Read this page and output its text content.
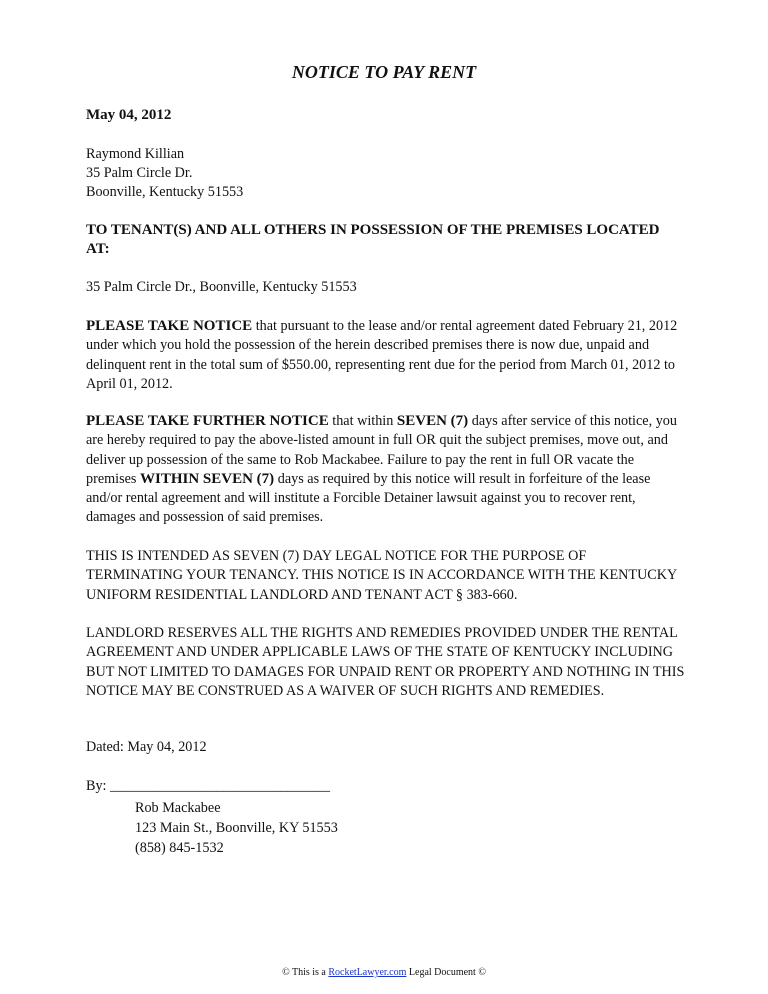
NOTICE TO PAY RENT
May 04, 2012
Raymond Killian
35 Palm Circle Dr.
Boonville, Kentucky 51553
TO TENANT(S) AND ALL OTHERS IN POSSESSION OF THE PREMISES LOCATED AT:
35 Palm Circle Dr., Boonville, Kentucky 51553
PLEASE TAKE NOTICE that pursuant to the lease and/or rental agreement dated February 21, 2012 under which you hold the possession of the herein described premises there is now due, unpaid and delinquent rent in the total sum of $550.00, representing rent due for the period from March 01, 2012 to April 01, 2012.
PLEASE TAKE FURTHER NOTICE that within SEVEN (7) days after service of this notice, you are hereby required to pay the above-listed amount in full OR quit the subject premises, move out, and deliver up possession of the same to Rob Mackabee. Failure to pay the rent in full OR vacate the premises WITHIN SEVEN (7) days as required by this notice will result in forfeiture of the lease and/or rental agreement and will institute a Forcible Detainer lawsuit against you to recover rent, damages and possession of said premises.
THIS IS INTENDED AS SEVEN (7) DAY LEGAL NOTICE FOR THE PURPOSE OF TERMINATING YOUR TENANCY. THIS NOTICE IS IN ACCORDANCE WITH THE KENTUCKY UNIFORM RESIDENTIAL LANDLORD AND TENANT ACT § 383-660.
LANDLORD RESERVES ALL THE RIGHTS AND REMEDIES PROVIDED UNDER THE RENTAL AGREEMENT AND UNDER APPLICABLE LAWS OF THE STATE OF KENTUCKY INCLUDING BUT NOT LIMITED TO DAMAGES FOR UNPAID RENT OR PROPERTY AND NOTHING IN THIS NOTICE MAY BE CONSTRUED AS A WAIVER OF SUCH RIGHTS AND REMEDIES.
Dated: May 04, 2012
By: _______________________________
Rob Mackabee
123 Main St., Boonville, KY 51553
(858) 845-1532
© This is a RocketLawyer.com Legal Document ©
